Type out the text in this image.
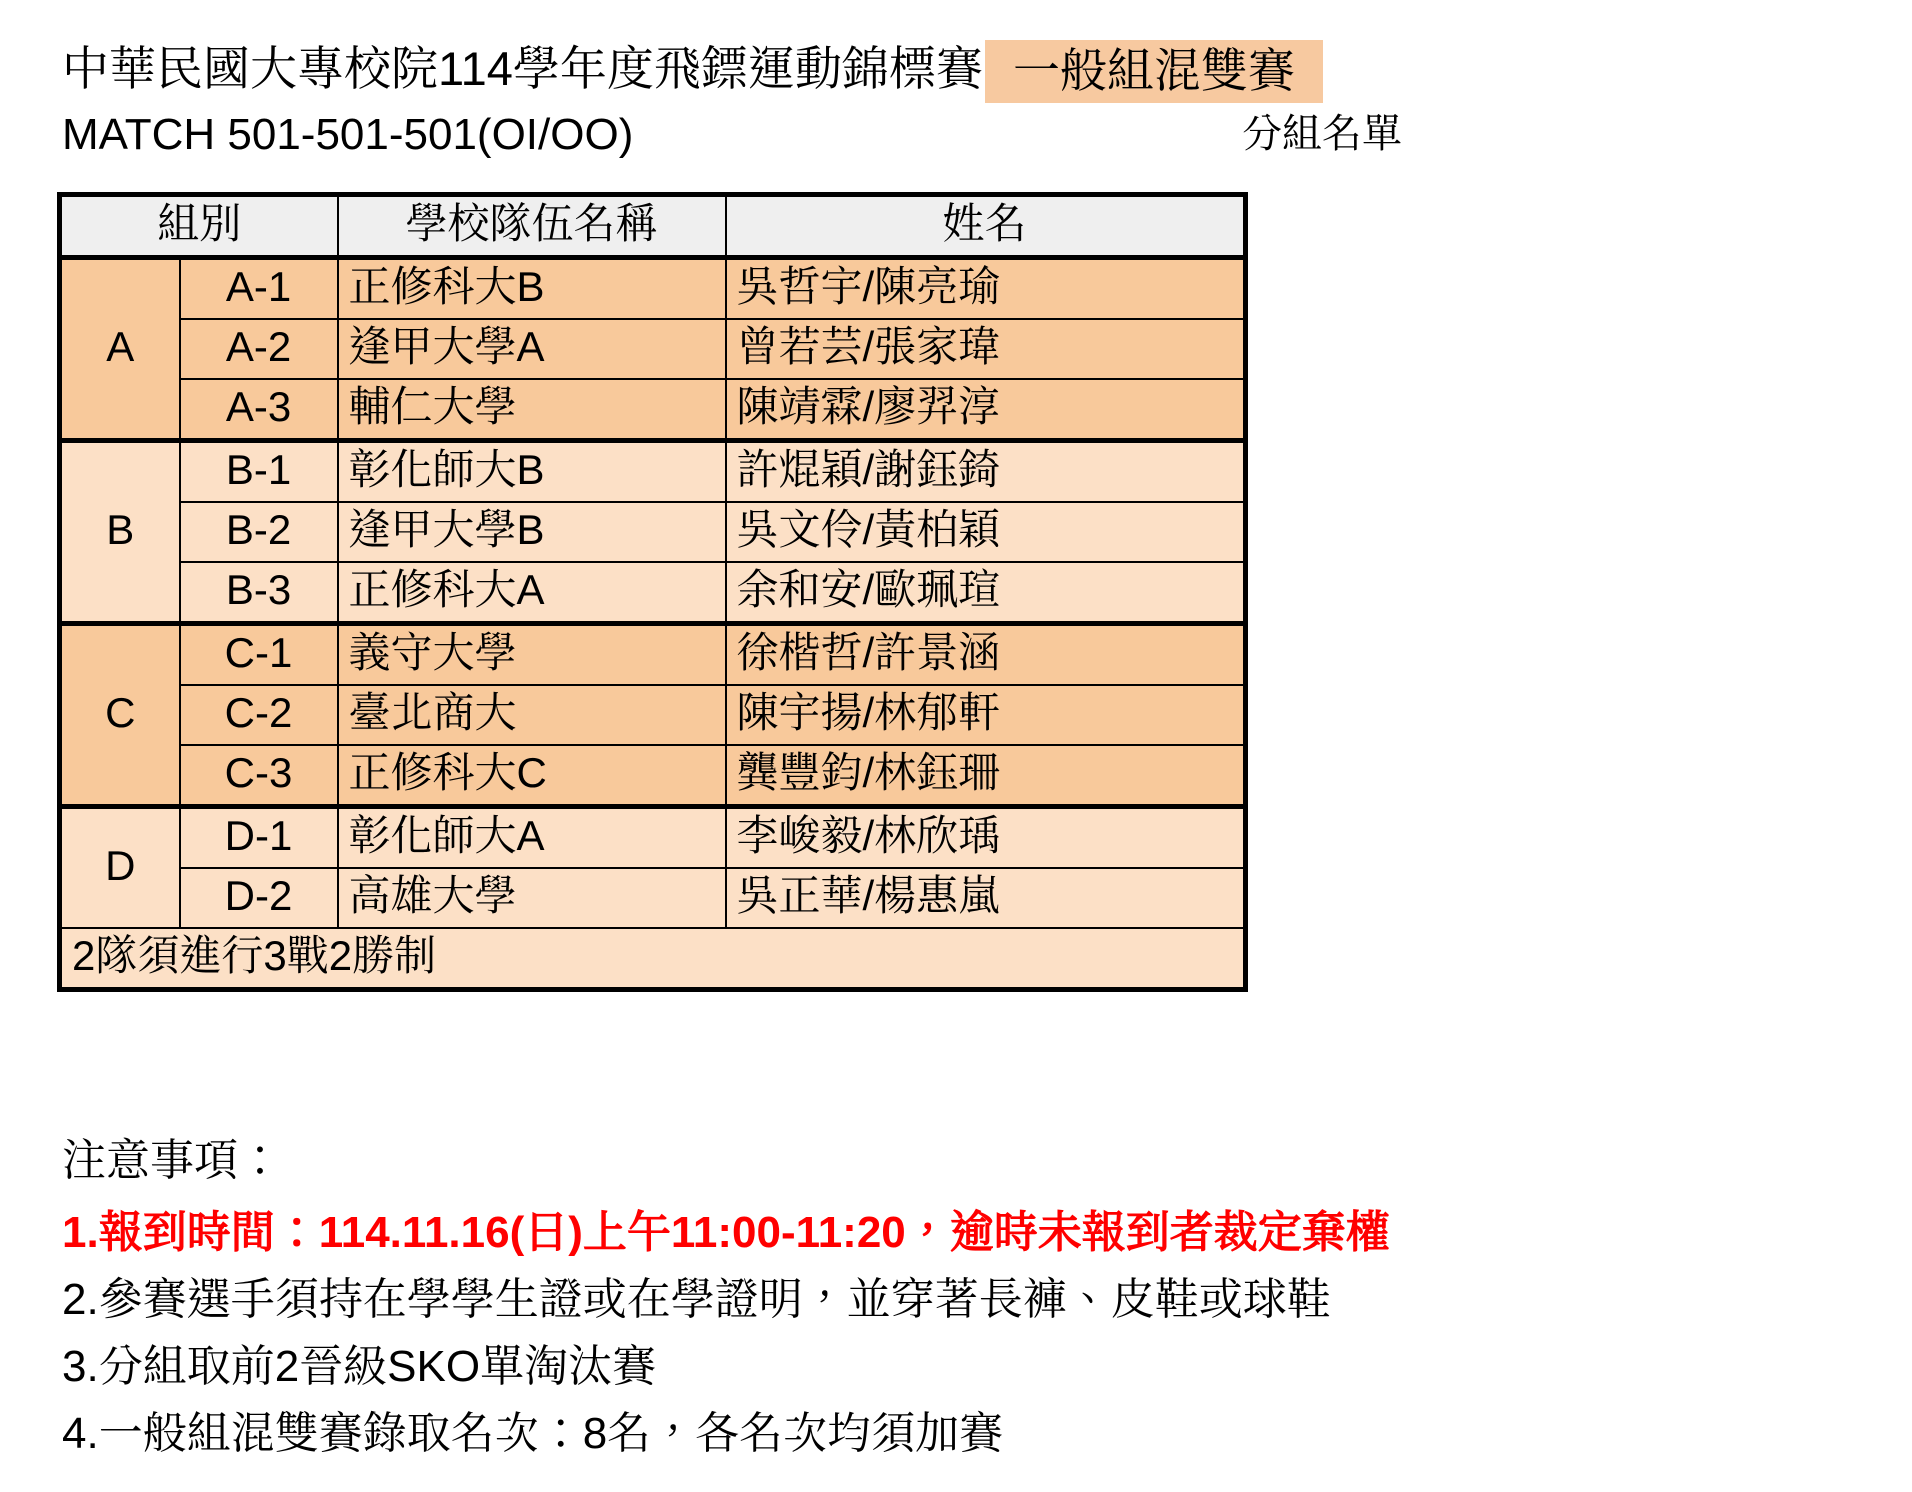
中華民國大專校院114學年度飛鏢運動錦標賽 一般組混雙賽
MATCH 501-501-501(OI/OO)	分組名單
組別		學校隊伍名稱	姓名
A	A-1	正修科大B	吳哲宇/陳亮瑜
	A-2	逢甲大學A	曾若芸/張家瑋
	A-3	輔仁大學	陳靖霖/廖羿淳
B	B-1	彰化師大B	許焜穎/謝鈺錡
	B-2	逢甲大學B	吳文伶/黃柏穎
	B-3	正修科大A	余和安/歐珮瑄
C	C-1	義守大學	徐楷哲/許景涵
	C-2	臺北商大	陳宇揚/林郁軒
	C-3	正修科大C	龔豐鈞/林鈺珊
D	D-1	彰化師大A	李峻毅/林欣瑀
	D-2	高雄大學	吳正華/楊惠嵐
2隊須進行3戰2勝制			
注意事項：
1.報到時間：114.11.16(日)上午11:00-11:20，逾時未報到者裁定棄權
2.參賽選手須持在學學生證或在學證明，並穿著長褲、皮鞋或球鞋
3.分組取前2晉級SKO單淘汰賽
4.一般組混雙賽錄取名次：8名，各名次均須加賽
